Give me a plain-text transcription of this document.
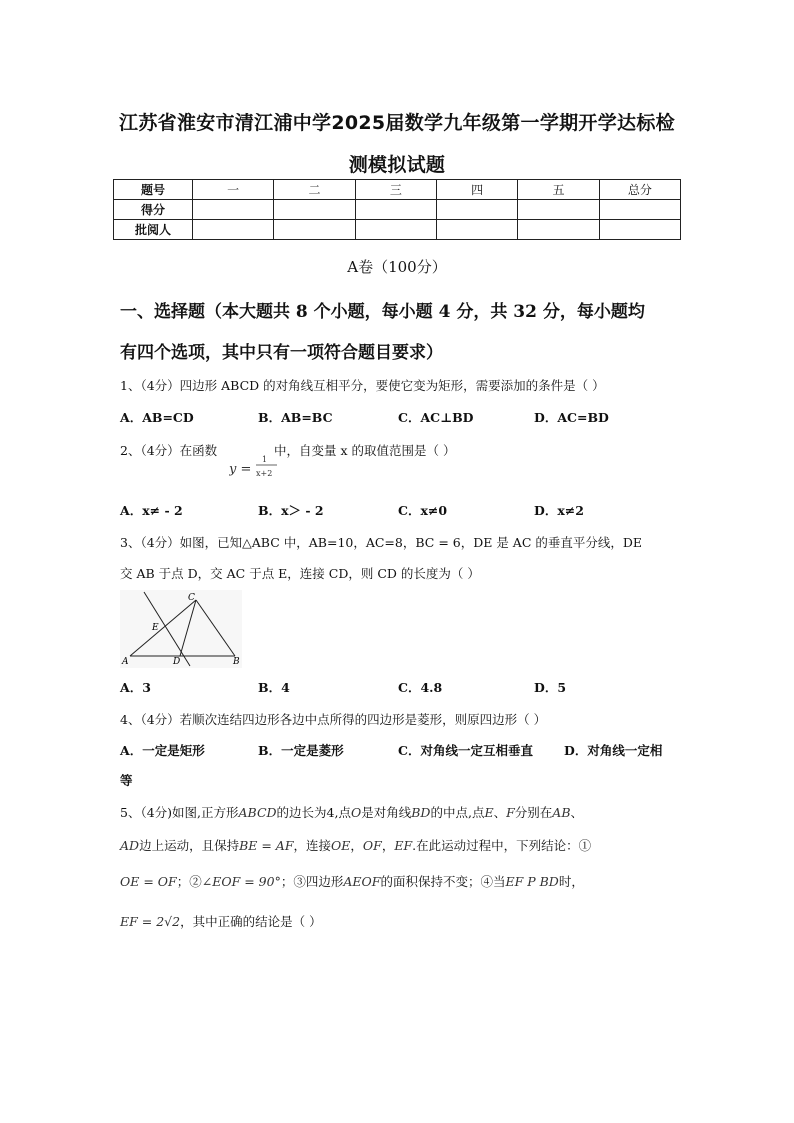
江苏省淮安市清江浦中学2025届数学九年级第一学期开学达标检
测模拟试题
题号	一	二	三	四	五	总分
得分						
批阅人						
A卷（100分）
一、选择题（本大题共 8 个小题，每小题 4 分，共 32 分，每小题均
有四个选项，其中只有一项符合题目要求）
1、（4分）四边形 ABCD 的对角线互相平分，要使它变为矩形，需要添加的条件是（ ）
A．AB=CD	B．AB=BC	C．AC⊥BD	D．AC=BD
2、（4分）在函数	中，自变量 x 的取值范围是（ ）
y =
1
x+2
A．x≠ - 2	B．x＞ - 2	C．x≠0	D．x≠2
3、（4分）如图，已知△ABC 中，AB=10，AC=8，BC = 6，DE 是 AC 的垂直平分线，DE
交 AB 于点 D，交 AC 于点 E，连接 CD，则 CD 的长度为（ ）
A	B
C
D
E
A．3	B．4	C．4.8	D．5
4、（4分）若顺次连结四边形各边中点所得的四边形是菱形，则原四边形（ ）
A．一定是矩形	B．一定是菱形	C．对角线一定互相垂直 D．对角线一定相
等
5、（4分)如图,正方形ABCD的边长为4,点O是对角线BD的中点,点E、F分别在AB、
AD边上运动，且保持BE = AF，连接OE，OF，EF.在此运动过程中，下列结论：①
OE = OF；②∠EOF = 90°；③四边形AEOF的面积保持不变；④当EF P BD时，
EF = 2√2，其中正确的结论是（ ）
